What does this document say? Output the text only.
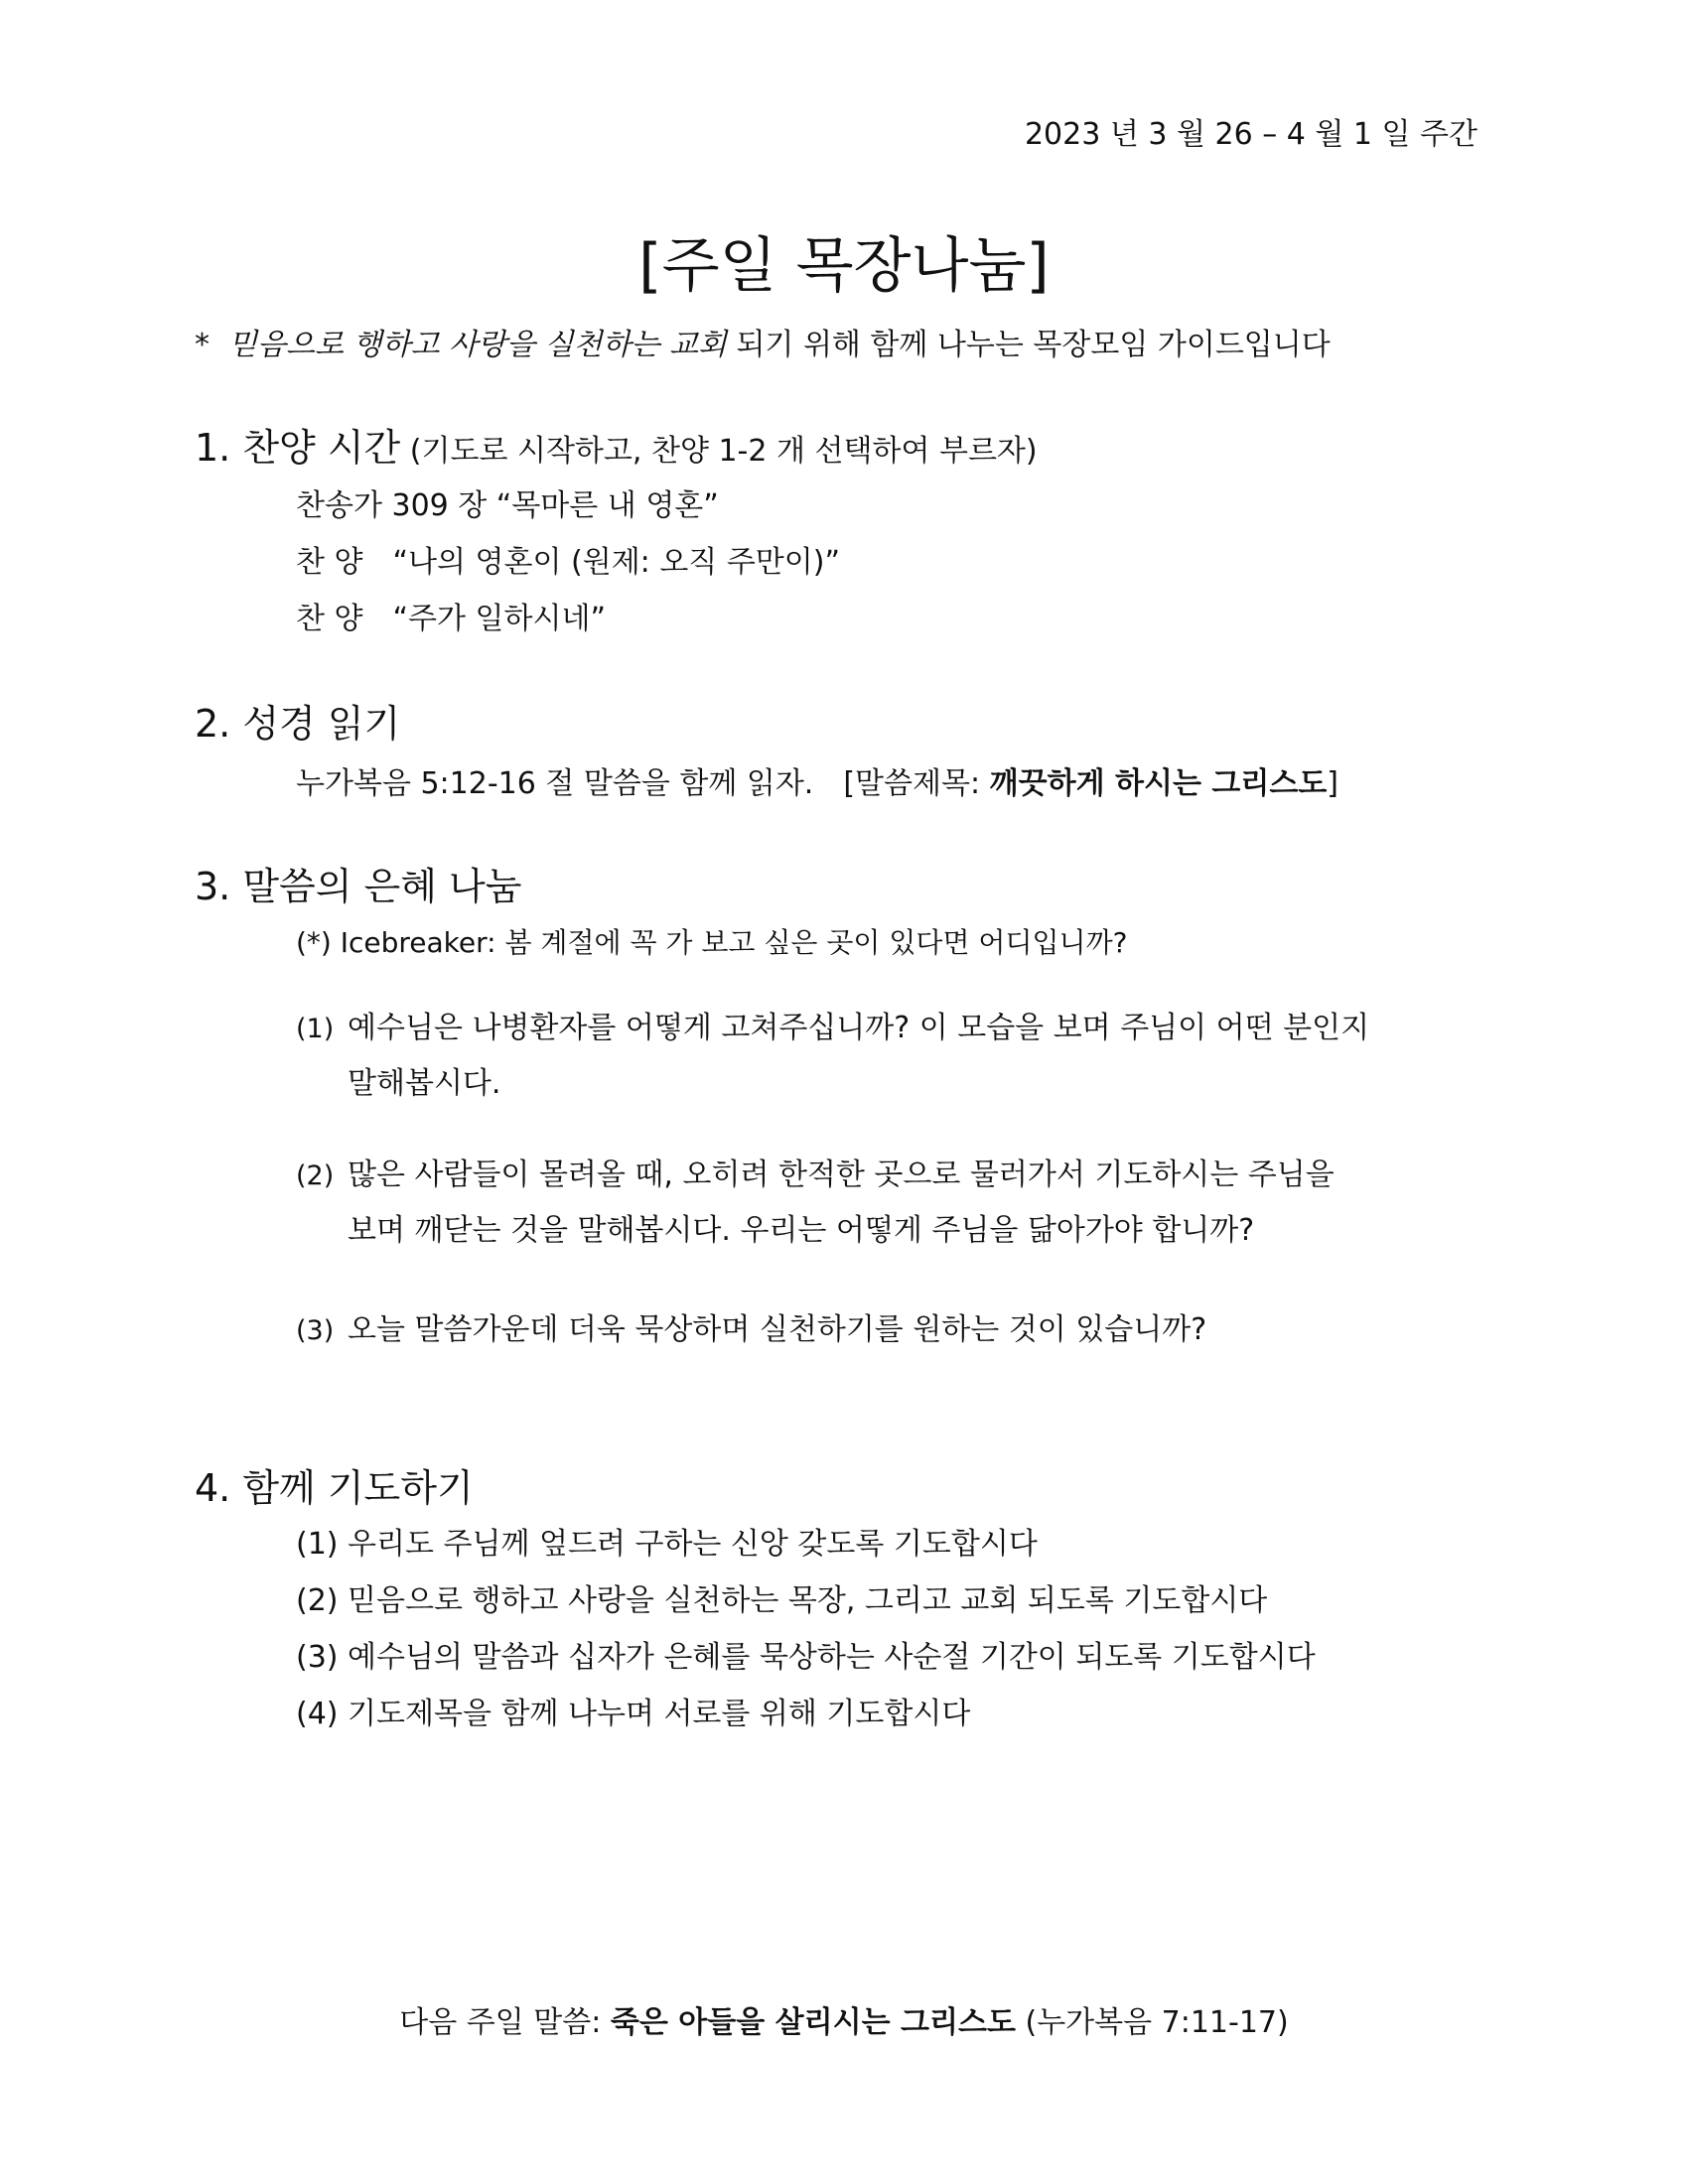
2023 년 3 월 26 – 4 월 1 일 주간
[주일 목장나눔]
* 믿음으로 행하고 사랑을 실천하는 교회 되기 위해 함께 나누는 목장모임 가이드입니다
1. 찬양 시간 (기도로 시작하고, 찬양 1-2 개 선택하여 부르자)
찬송가 309 장 “목마른 내 영혼”
찬 양　“나의 영혼이 (원제: 오직 주만이)”
찬 양　“주가 일하시네”
2. 성경 읽기
누가복음 5:12-16 절 말씀을 함께 읽자.　[말씀제목: 깨끗하게 하시는 그리스도]
3. 말씀의 은혜 나눔
(*) Icebreaker: 봄 계절에 꼭 가 보고 싶은 곳이 있다면 어디입니까?
(1) 예수님은 나병환자를 어떻게 고쳐주십니까? 이 모습을 보며 주님이 어떤 분인지
말해봅시다.
(2) 많은 사람들이 몰려올 때, 오히려 한적한 곳으로 물러가서 기도하시는 주님을
보며 깨닫는 것을 말해봅시다. 우리는 어떻게 주님을 닮아가야 합니까?
(3) 오늘 말씀가운데 더욱 묵상하며 실천하기를 원하는 것이 있습니까?
4. 함께 기도하기
(1) 우리도 주님께 엎드려 구하는 신앙 갖도록 기도합시다
(2) 믿음으로 행하고 사랑을 실천하는 목장, 그리고 교회 되도록 기도합시다
(3) 예수님의 말씀과 십자가 은혜를 묵상하는 사순절 기간이 되도록 기도합시다
(4) 기도제목을 함께 나누며 서로를 위해 기도합시다
다음 주일 말씀: 죽은 아들을 살리시는 그리스도 (누가복음 7:11-17)
